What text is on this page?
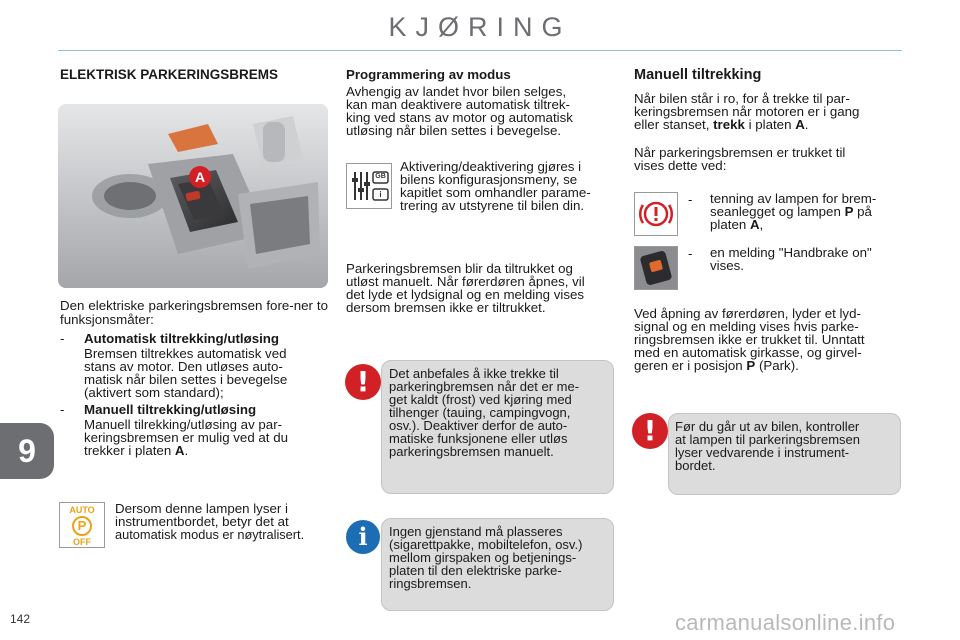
KJØRING
ELEKTRISK PARKERINGSBREMS
A
Den elektriske parkeringsbremsen fore-ner to funksjonsmåter:
- Automatisk tiltrekking/utløsing
Bremsen tiltrekkes automatisk ved
stans av motor. Den utløses auto-
matisk når bilen settes i bevegelse
(aktivert som standard);
- Manuell tiltrekking/utløsing
Manuell tilrekking/utløsing av par-
keringsbremsen er mulig ved at du
trekker i platen A.
AUTO
P
OFF
Dersom denne lampen lyser i
instrumentbordet, betyr det at
automatisk modus er nøytralisert.
Programmering av modus
Avhengig av landet hvor bilen selges,
kan man deaktivere automatisk tiltrek-
king ved stans av motor og automatisk
utløsing når bilen settes i bevegelse.
GB
i
Aktivering/deaktivering gjøres i
bilens konfigurasjonsmeny, se
kapitlet som omhandler parame-
trering av utstyrene til bilen din.
Parkeringsbremsen blir da tiltrukket og
utløst manuelt. Når førerdøren åpnes, vil
det lyde et lydsignal og en melding vises
dersom bremsen ikke er tiltrukket.
!	Det anbefales å ikke trekke til
parkeringbremsen når det er me-
get kaldt (frost) ved kjøring med
tilhenger (tauing, campingvogn,
osv.). Deaktiver derfor de auto-
matiske funksjonene eller utløs
parkeringsbremsen manuelt.
i	Ingen gjenstand må plasseres
(sigarettpakke, mobiltelefon, osv.)
mellom girspaken og betjenings-
platen til den elektriske parke-
ringsbremsen.
Manuell tiltrekking
Når bilen står i ro, for å trekke til par-
keringsbremsen når motoren er i gang
eller stanset, trekk i platen A.
Når parkeringsbremsen er trukket til
vises dette ved:
- tenning av lampen for brem-
seanlegget og lampen P på
platen A,
- en melding "Handbrake on"
vises.
Ved åpning av førerdøren, lyder et lyd-
signal og en melding vises hvis parke-
ringsbremsen ikke er trukket til. Unntatt
med en automatisk girkasse, og girvel-
geren er i posisjon P (Park).
!	Før du går ut av bilen, kontroller
at lampen til parkeringsbremsen
lyser vedvarende i instrument-
bordet.
9
142	carmanualsonline.info
